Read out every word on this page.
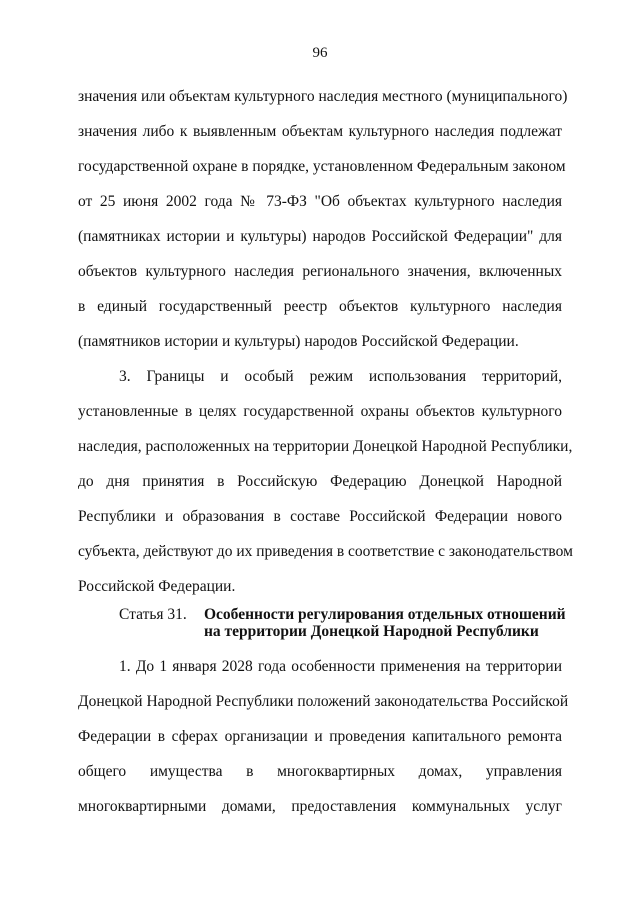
96
значения или объектам культурного наследия местного (муниципального)
значения либо к выявленным объектам культурного наследия подлежат
государственной охране в порядке, установленном Федеральным законом
от 25 июня 2002 года № 73-ФЗ "Об объектах культурного наследия
(памятниках истории и культуры) народов Российской Федерации" для
объектов культурного наследия регионального значения, включенных
в единый государственный реестр объектов культурного наследия
(памятников истории и культуры) народов Российской Федерации.
3. Границы и особый режим использования территорий,
установленные в целях государственной охраны объектов культурного
наследия, расположенных на территории Донецкой Народной Республики,
до дня принятия в Российскую Федерацию Донецкой Народной
Республики и образования в составе Российской Федерации нового
субъекта, действуют до их приведения в соответствие с законодательством
Российской Федерации.
Статья 31. Особенности регулирования отдельных отношений
на территории Донецкой Народной Республики
1. До 1 января 2028 года особенности применения на территории
Донецкой Народной Республики положений законодательства Российской
Федерации в сферах организации и проведения капитального ремонта
общего имущества в многоквартирных домах, управления
многоквартирными домами, предоставления коммунальных услуг
